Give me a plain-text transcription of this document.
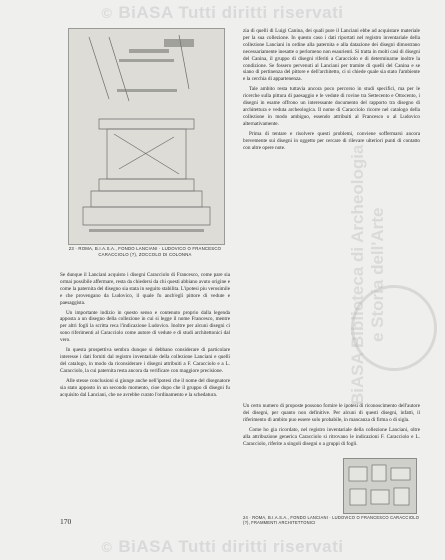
© BiASA Tutti diritti riservati
23 · ROMA, B.I.A.S.A., FONDO LANCIANI · LUDOVICO O FRANCESCO CARACCIOLO (?), ZOCCOLO DI COLONNA

Se dunque il Lanciani acquisto i disegni Caracciolo di Francesco, come pare sia ormai possibile affermare, resta da chiedersi da chi questi abbiano avuto origine e come la paternita del disegno sia stata in seguito stabilita. L'ipotesi piu verosimile e che provengano da Ludovico, il quale fu anch'egli pittore di vedute e paesaggista.

Un importante indizio in questo senso e contenuto proprio dalla legenda apposta a un disegno della collezione in cui si legge il nome Francesco, mentre per altri fogli la scritta reca l'indicazione Ludovico. Inoltre per alcuni disegni ci sono riferimenti al Caracciolo come autore di vedute e di studi architettonici dal vero.

In questa prospettiva sembra dunque si debbano considerare di particolare interesse i dati forniti dal registro inventariale della collezione Lanciani e quelli del catalogo, in modo da riconsiderare i disegni attribuiti a F. Caracciolo e a L. Caracciolo, la cui paternita resta ancora da verificare con maggiore precisione.

Alle stesse conclusioni si giunge anche nell'ipotesi che il nome del disegnatore sia stato apposto in un secondo momento, cioe dopo che il gruppo di disegni fu acquisito dal Lanciani, che ne avrebbe curato l'ordinamento e la schedatura.

zia di quelli di Luigi Canina, dei quali pure il Lanciani ebbe ad acquistare materiale per la sua collezione. In questo caso i dati riportati nel registro inventariale della collezione Lanciani in ordine alla paternita e alla datazione dei disegni dimostrano necessariamente inesatte o perlomeno non esaurienti. Si tratta in molti casi di disegni del Canina, il gruppo di disegni riferiti a Caracciolo e di determinarne inoltre la condizione. Se fossero pervenuti al Lanciani per tramite di quelli del Canina e se siano di pertinenza del pittore e dell'architetto, ci si chiede quale sia stato l'ambiente e la cerchia di appartenenza.

Tale ambito resta tuttavia ancora poco percorso in studi specifici, ma per le ricerche sulla pittura di paesaggio e le vedute di rovine tra Settecento e Ottocento, i disegni in esame offrono un interessante documento del rapporto tra disegno di architettura e veduta archeologica. Il nome di Caracciolo ricorre nel catalogo della collezione in modo ambiguo, essendo attribuiti al Francesco o al Ludovico alternativamente.

Prima di tentare e risolvere questi problemi, conviene soffermarsi ancora brevemente sui disegni in oggetto per cercare di rilevare ulteriori punti di contatto con altre opere note.

Un certo numero di proposte possono fornire le ipotesi di riconoscimento dell'autore dei disegni, per quanto non definitive. Per alcuni di questi disegni, infatti, il riferimento di ambito puo essere solo probabile, in mancanza di firma o di sigla.

Come ho gia ricordato, nel registro inventariale della collezione Lanciani, oltre alla attribuzione generica Caracciolo si ritrovano le indicazioni F. Caracciolo e L. Caracciolo, riferite a singoli disegni o a gruppi di fogli.

24 · ROMA, B.I.A.S.A., FONDO LANCIANI · LUDOVICO O FRANCESCO CARACCIOLO (?), FRAMMENTI ARCHITETTONICI
170
BiASA Biblioteca di Archeologia e Storia dell'Arte
© BiASA Tutti diritti riservati
